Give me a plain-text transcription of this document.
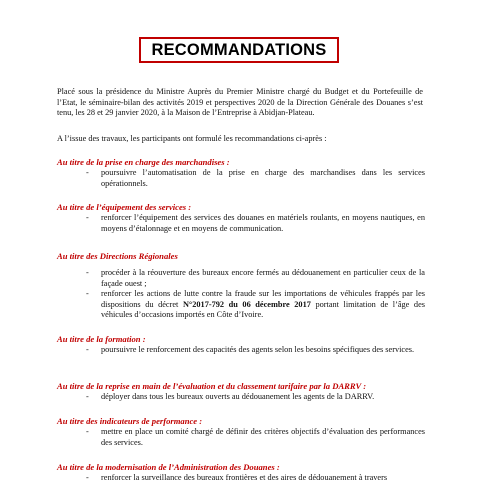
RECOMMANDATIONS
Placé sous la présidence du Ministre Auprès du Premier Ministre chargé du Budget et du Portefeuille de l’Etat, le séminaire-bilan des activités 2019 et perspectives 2020 de la Direction Générale des Douanes s’est tenu, les 28 et 29 janvier 2020, à la Maison de l’Entreprise à Abidjan-Plateau.
A l’issue des travaux, les participants ont formulé les recommandations ci-après :
Au titre de la prise en charge des marchandises :
- poursuivre l’automatisation de la prise en charge des marchandises dans les services opérationnels.
Au titre de l’équipement des services :
- renforcer l’équipement des services des douanes en matériels roulants, en moyens nautiques, en moyens d’étalonnage et en moyens de communication.
Au titre des Directions Régionales
- procéder à la réouverture des bureaux encore fermés au dédouanement en particulier ceux de la façade ouest ;
- renforcer les actions de lutte contre la fraude sur les importations de véhicules frappés par les dispositions du décret N°2017-792 du 06 décembre 2017 portant limitation de l’âge des véhicules d’occasions importés en Côte d’Ivoire.
Au titre de la formation :
- poursuivre le renforcement des capacités des agents selon les besoins spécifiques des services.
Au titre de la reprise en main de l’évaluation et du classement tarifaire par la DARRV :
- déployer dans tous les bureaux ouverts au dédouanement les agents de la DARRV.
Au titre des indicateurs de performance :
- mettre en place un comité chargé de définir des critères objectifs d’évaluation des performances des services.
Au titre de la modernisation de l’Administration des Douanes :
- renforcer la surveillance des bureaux frontières et des aires de dédouanement à travers
